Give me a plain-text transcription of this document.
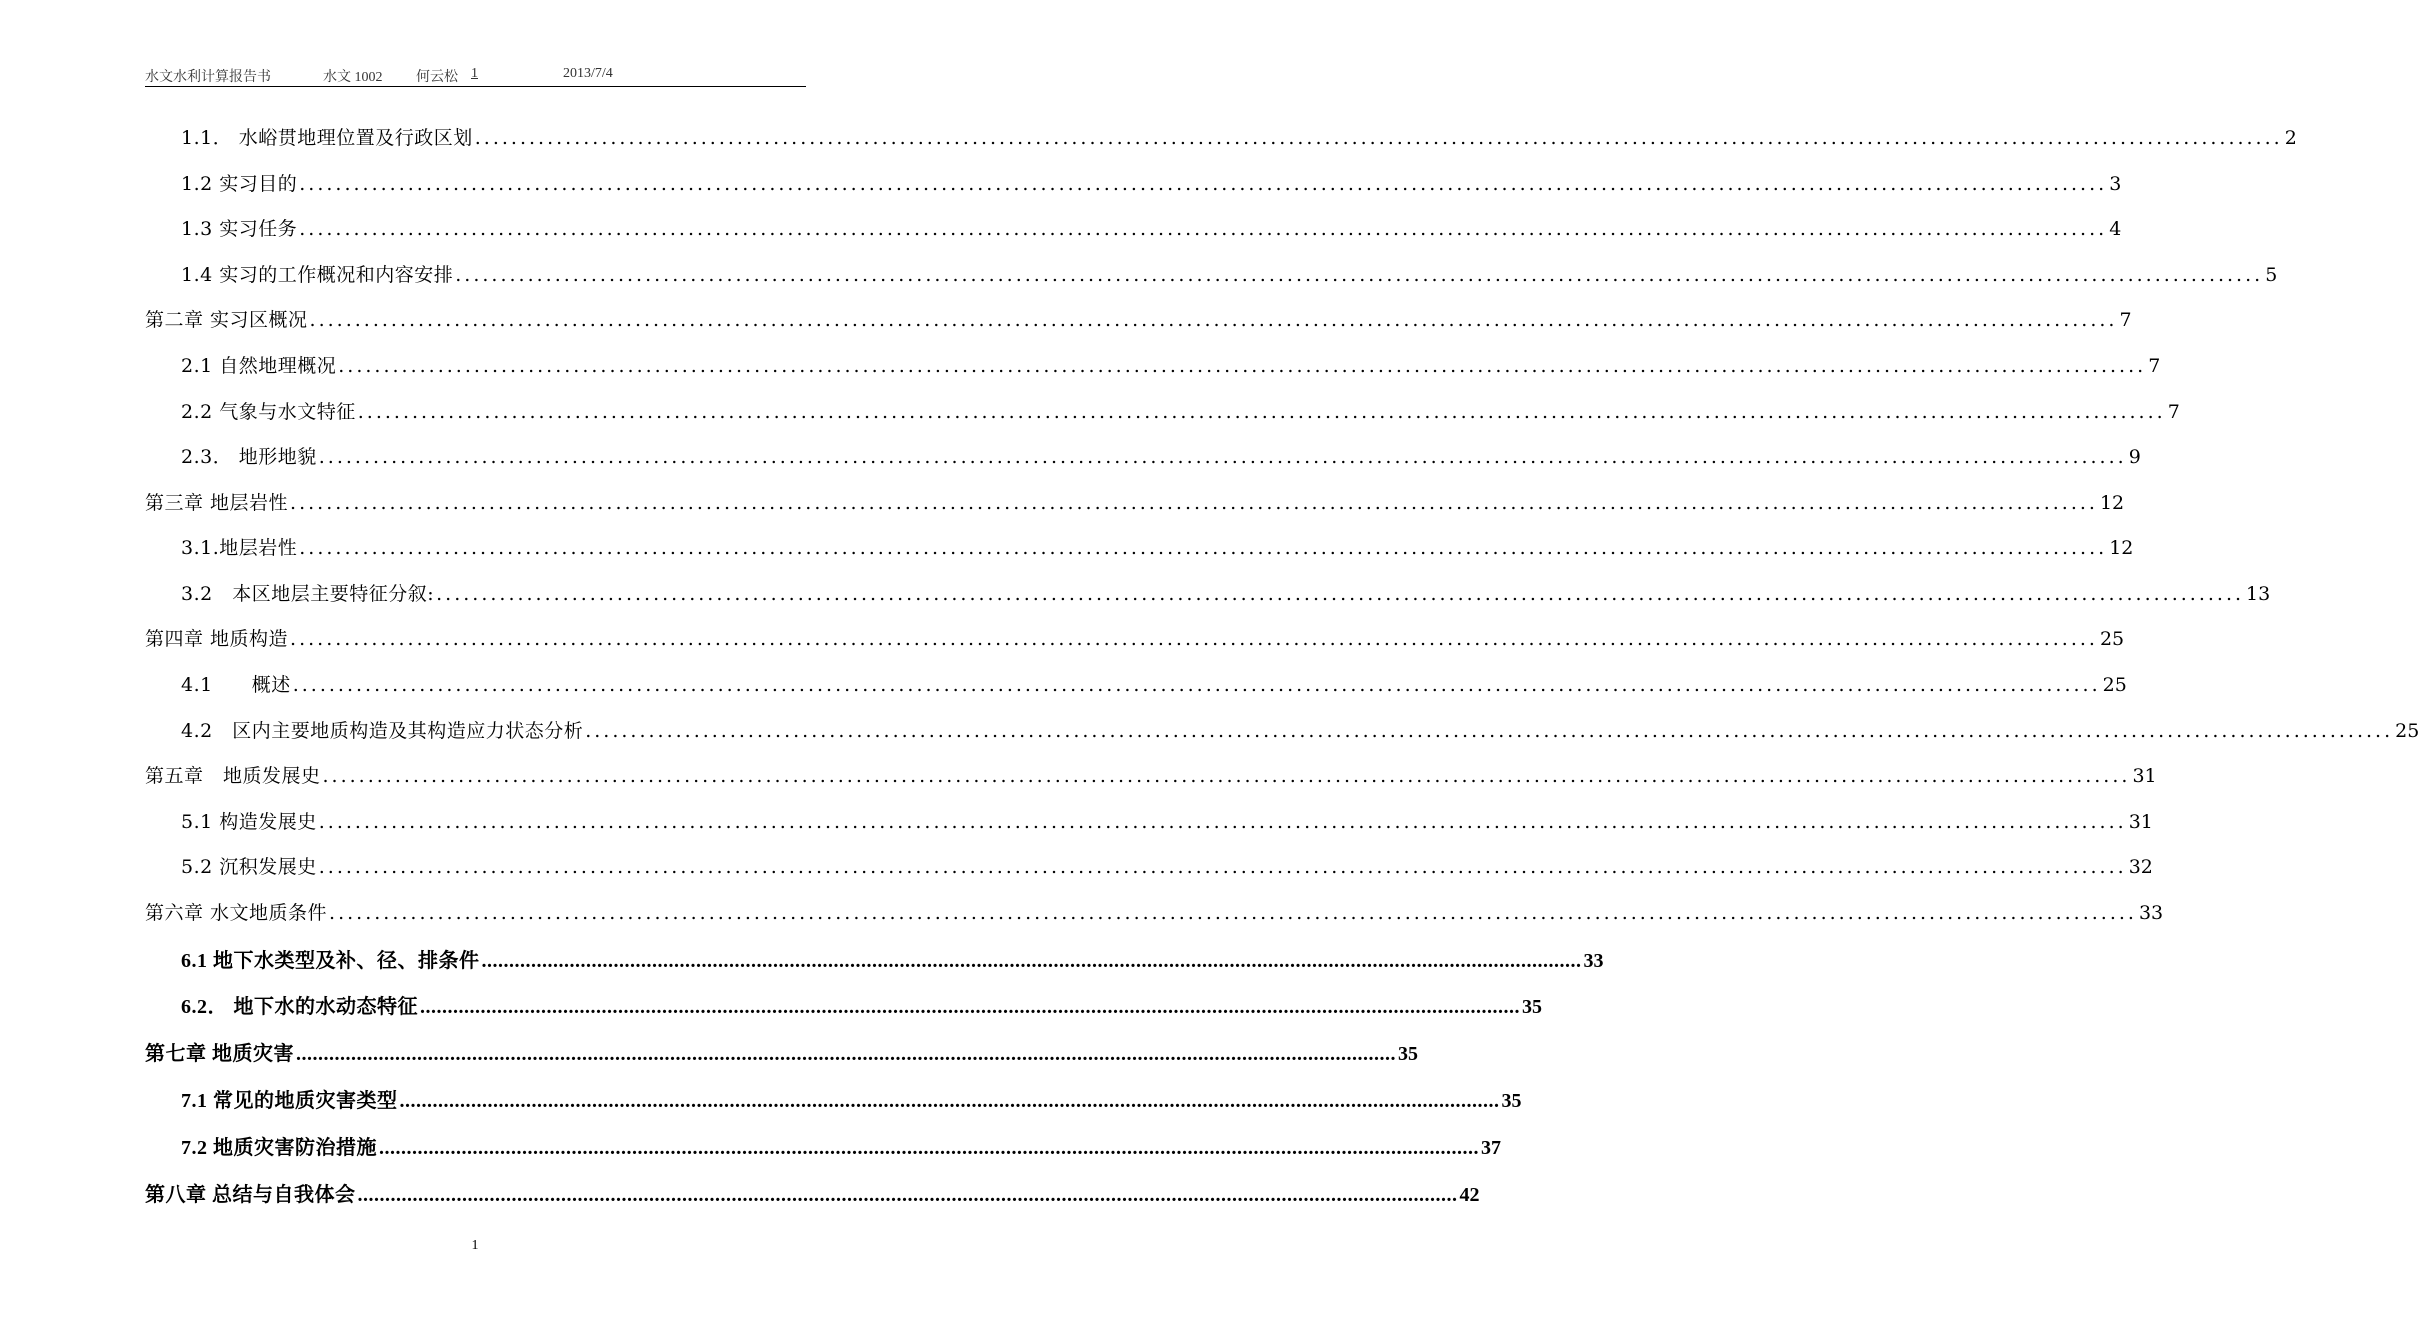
水文水利计算报告书	水文 1002 何云松 1	2013/7/4
1.1． 水峪贯地理位置及行政区划 ........................................................................................................................................................................................................ 2
1.2 实习目的 ........................................................................................................................................................................................................ 3
1.3 实习任务 ........................................................................................................................................................................................................ 4
1.4 实习的工作概况和内容安排 ........................................................................................................................................................................................................ 5
第二章 实习区概况 ........................................................................................................................................................................................................ 7
2.1 自然地理概况 ........................................................................................................................................................................................................ 7
2.2 气象与水文特征 ........................................................................................................................................................................................................ 7
2.3． 地形地貌 ........................................................................................................................................................................................................ 9
第三章 地层岩性 ........................................................................................................................................................................................................ 12
3.1.地层岩性 ........................................................................................................................................................................................................ 12
3.2　本区地层主要特征分叙: ........................................................................................................................................................................................................ 13
第四章 地质构造 ........................................................................................................................................................................................................ 25
4.1　　概述 ........................................................................................................................................................................................................ 25
4.2　区内主要地质构造及其构造应力状态分析 ........................................................................................................................................................................................................ 25
第五章　地质发展史 ........................................................................................................................................................................................................ 31
5.1 构造发展史 ........................................................................................................................................................................................................ 31
5.2 沉积发展史 ........................................................................................................................................................................................................ 32
第六章 水文地质条件 ........................................................................................................................................................................................................ 33
6.1 地下水类型及补、径、排条件 ........................................................................................................................................................................................................ 33
6.2． 地下水的水动态特征 ........................................................................................................................................................................................................ 35
第七章 地质灾害 ........................................................................................................................................................................................................ 35
7.1 常见的地质灾害类型 ........................................................................................................................................................................................................ 35
7.2 地质灾害防治措施 ........................................................................................................................................................................................................ 37
第八章 总结与自我体会 ........................................................................................................................................................................................................ 42
1
